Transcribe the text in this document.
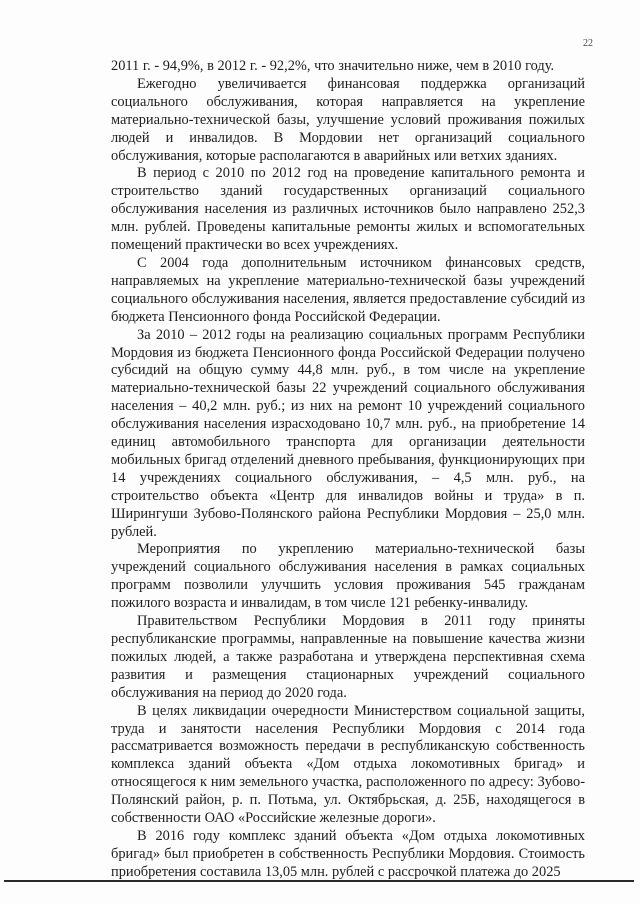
22

2011 г. - 94,9%, в 2012 г. - 92,2%, что значительно ниже, чем в 2010 году.

Ежегодно увеличивается финансовая поддержка организаций социального обслуживания, которая направляется на укрепление материально-технической базы, улучшение условий проживания пожилых людей и инвалидов. В Мордовии нет организаций социального обслуживания, которые располагаются в аварийных или ветхих зданиях.

В период с 2010 по 2012 год на проведение капитального ремонта и строительство зданий государственных организаций социального обслуживания населения из различных источников было направлено 252,3 млн. рублей. Проведены капитальные ремонты жилых и вспомогательных помещений практически во всех учреждениях.

С 2004 года дополнительным источником финансовых средств, направляемых на укрепление материально-технической базы учреждений социального обслуживания населения, является предоставление субсидий из бюджета Пенсионного фонда Российской Федерации.

За 2010 – 2012 годы на реализацию социальных программ Республики Мордовия из бюджета Пенсионного фонда Российской Федерации получено субсидий на общую сумму 44,8 млн. руб., в том числе на укрепление материально-технической базы 22 учреждений социального обслуживания населения – 40,2 млн. руб.; из них на ремонт 10 учреждений социального обслуживания населения израсходовано 10,7 млн. руб., на приобретение 14 единиц автомобильного транспорта для организации деятельности мобильных бригад отделений дневного пребывания, функционирующих при 14 учреждениях социального обслуживания, – 4,5 млн. руб., на строительство объекта «Центр для инвалидов войны и труда» в п. Ширингуши Зубово-Полянского района Республики Мордовия – 25,0 млн. рублей.

Мероприятия по укреплению материально-технической базы учреждений социального обслуживания населения в рамках социальных программ позволили улучшить условия проживания 545 гражданам пожилого возраста и инвалидам, в том числе 121 ребенку-инвалиду.

Правительством Республики Мордовия в 2011 году приняты республиканские программы, направленные на повышение качества жизни пожилых людей, а также разработана и утверждена перспективная схема развития и размещения стационарных учреждений социального обслуживания на период до 2020 года.

В целях ликвидации очередности Министерством социальной защиты, труда и занятости населения Республики Мордовия с 2014 года рассматривается возможность передачи в республиканскую собственность комплекса зданий объекта «Дом отдыха локомотивных бригад» и относящегося к ним земельного участка, расположенного по адресу: Зубово-Полянский район, р. п. Потьма, ул. Октябрьская, д. 25Б, находящегося в собственности ОАО «Российские железные дороги».

В 2016 году комплекс зданий объекта «Дом отдыха локомотивных бригад» был приобретен в собственность Республики Мордовия. Стоимость приобретения составила 13,05 млн. рублей с рассрочкой платежа до 2025
